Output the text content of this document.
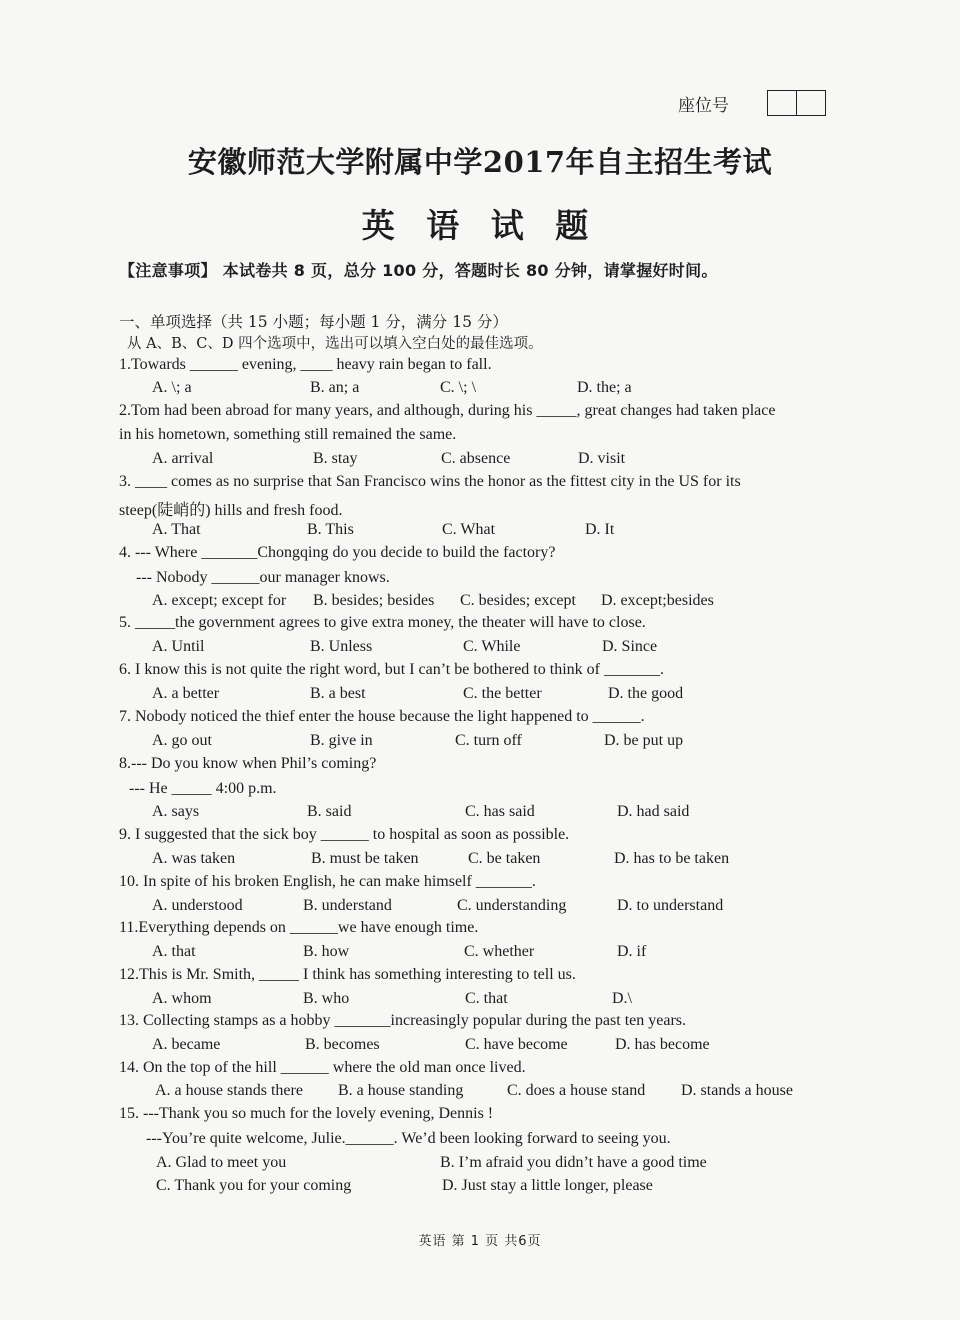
座位号
安徽师范大学附属中学2017年自主招生考试
英 语 试 题
【注意事项】 本试卷共 8 页，总分 100 分，答题时长 80 分钟，请掌握好时间。
一、单项选择（共 15 小题；每小题 1 分，满分 15 分）
从 A、B、C、D 四个选项中，选出可以填入空白处的最佳选项。
1.Towards ______ evening, ____ heavy rain began to fall.
A. \; a	B. an; a	C. \; \	D. the; a
2.Tom had been abroad for many years, and although, during his _____, great changes had taken place
in his hometown, something still remained the same.
A. arrival	B. stay	C. absence	D. visit
3. ____ comes as no surprise that San Francisco wins the honor as the fittest city in the US for its
steep(陡峭的) hills and fresh food.
A. That	B. This	C. What	D. It
4. --- Where _______Chongqing do you decide to build the factory?
--- Nobody ______our manager knows.
A. except; except for B. besides; besides C. besides; except D. except;besides
5. _____the government agrees to give extra money, the theater will have to close.
A. Until	B. Unless	C. While	D. Since
6. I know this is not quite the right word, but I can’t be bothered to think of _______.
A. a better	B. a best	C. the better	D. the good
7. Nobody noticed the thief enter the house because the light happened to ______.
A. go out	B. give in	C. turn off	D. be put up
8.--- Do you know when Phil’s coming?
--- He _____ 4:00 p.m.
A. says	B. said	C. has said	D. had said
9. I suggested that the sick boy ______ to hospital as soon as possible.
A. was taken	B. must be taken	C. be taken	D. has to be taken
10. In spite of his broken English, he can make himself _______.
A. understood	B. understand	C. understanding	D. to understand
11.Everything depends on ______we have enough time.
A. that	B. how	C. whether	D. if
12.This is Mr. Smith, _____ I think has something interesting to tell us.
A. whom	B. who	C. that	D.\
13. Collecting stamps as a hobby _______increasingly popular during the past ten years.
A. became	B. becomes	C. have become	D. has become
14. On the top of the hill ______ where the old man once lived.
A. a house stands there B. a house standing	C. does a house stand D. stands a house
15. ---Thank you so much for the lovely evening, Dennis !
---You’re quite welcome, Julie.______. We’d been looking forward to seeing you.
A. Glad to meet you	B. I’m afraid you didn’t have a good time
C. Thank you for your coming	D. Just stay a little longer, please
英语 第 1 页 共6页
